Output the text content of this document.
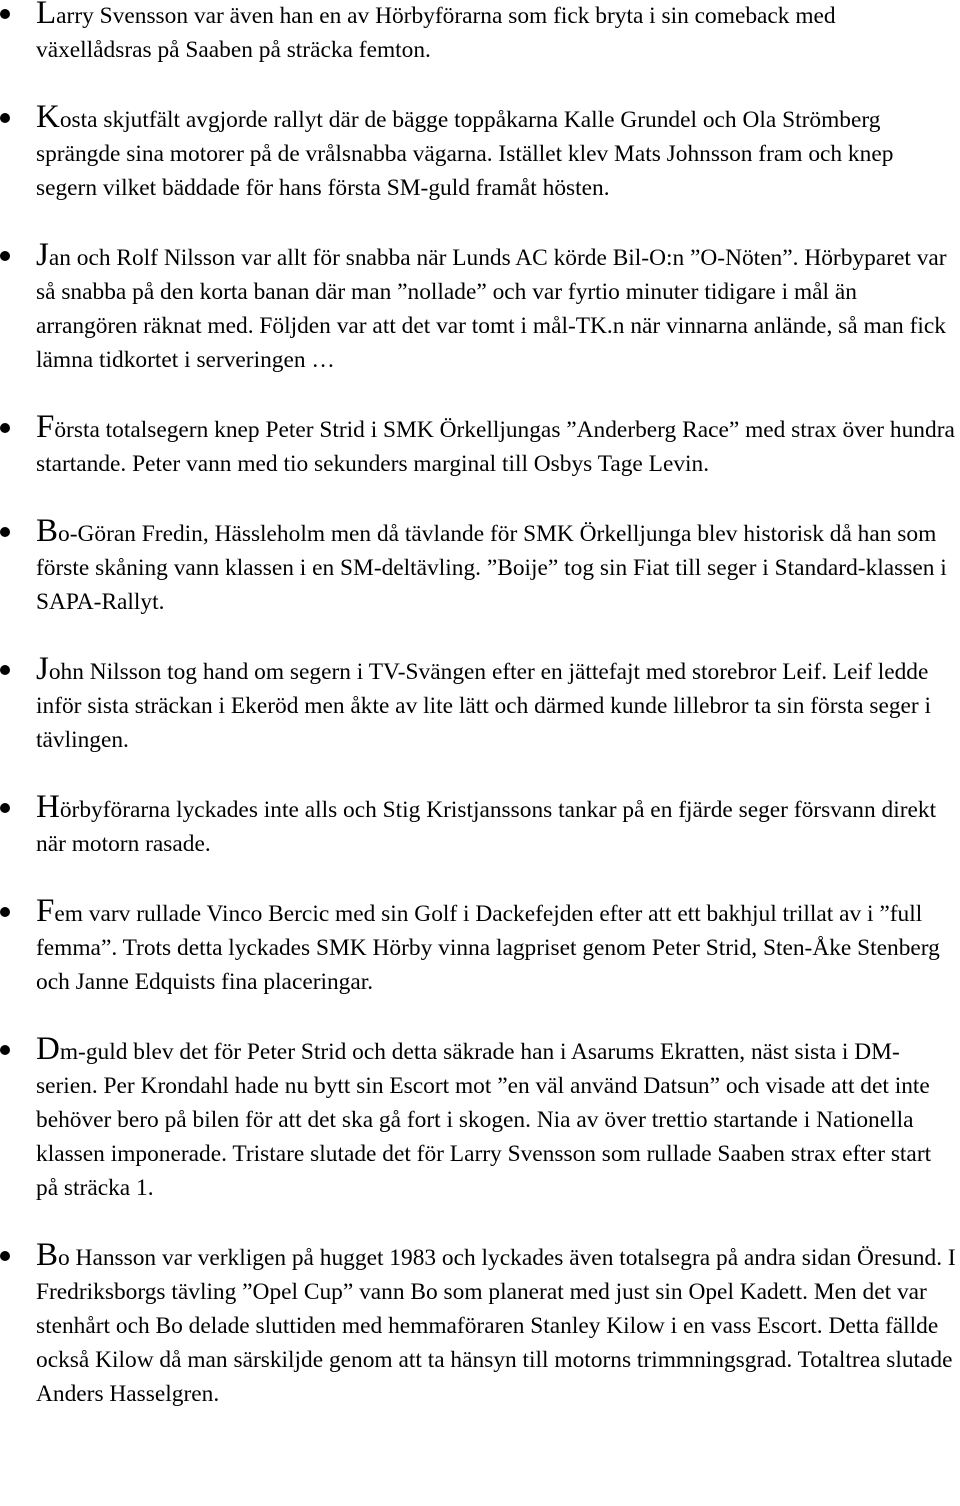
Larry Svensson var även han en av Hörbyförarna som fick bryta i sin comeback med växellådsras på Saaben på sträcka femton.
Kosta skjutfält avgjorde rallyt där de bägge toppåkarna Kalle Grundel och Ola Strömberg sprängde sina motorer på de vrålsnabba vägarna. Istället klev Mats Johnsson fram och knep segern vilket bäddade för hans första SM-guld framåt hösten.
Jan och Rolf Nilsson var allt för snabba när Lunds AC körde Bil-O:n ”O-Nöten”. Hörbyparet var så snabba på den korta banan där man ”nollade” och var fyrtio minuter tidigare i mål än arrangören räknat med. Följden var att det var tomt i mål-TK.n när vinnarna anlände, så man fick lämna tidkortet i serveringen …
Första totalsegern knep Peter Strid i SMK Örkelljungas ”Anderberg Race” med strax över hundra startande. Peter vann med tio sekunders marginal till Osbys Tage Levin.
Bo-Göran Fredin, Hässleholm men då tävlande för SMK Örkelljunga blev historisk då han som förste skåning vann klassen i en SM-deltävling. ”Boije” tog sin Fiat till seger i Standard-klassen i SAPA-Rallyt.
John Nilsson tog hand om segern i TV-Svängen efter en jättefajt med storebror Leif. Leif ledde inför sista sträckan i Ekeröd men åkte av lite lätt och därmed kunde lillebror ta sin första seger i tävlingen.
Hörbyförarna lyckades inte alls och Stig Kristjanssons tankar på en fjärde seger försvann direkt när motorn rasade.
Fem varv rullade Vinco Bercic med sin Golf i Dackefejden efter att ett bakhjul trillat av i ”full femma”. Trots detta lyckades SMK Hörby vinna lagpriset genom Peter Strid, Sten-Åke Stenberg och Janne Edquists fina placeringar.
Dm-guld blev det för Peter Strid och detta säkrade han i Asarums Ekratten, näst sista i DM-serien. Per Krondahl hade nu bytt sin Escort mot ”en väl använd Datsun” och visade att det inte behöver bero på bilen för att det ska gå fort i skogen. Nia av över trettio startande i Nationella klassen imponerade. Tristare slutade det för Larry Svensson som rullade Saaben strax efter start på sträcka 1.
Bo Hansson var verkligen på hugget 1983 och lyckades även totalsegra på andra sidan Öresund. I Fredriksborgs tävling ”Opel Cup” vann Bo som planerat med just sin Opel Kadett. Men det var stenhårt och Bo delade sluttiden med hemmaföraren Stanley Kilow i en vass Escort. Detta fällde också Kilow då man särskiljde genom att ta hänsyn till motorns trimmningsgrad. Totaltrea slutade Anders Hasselgren.
